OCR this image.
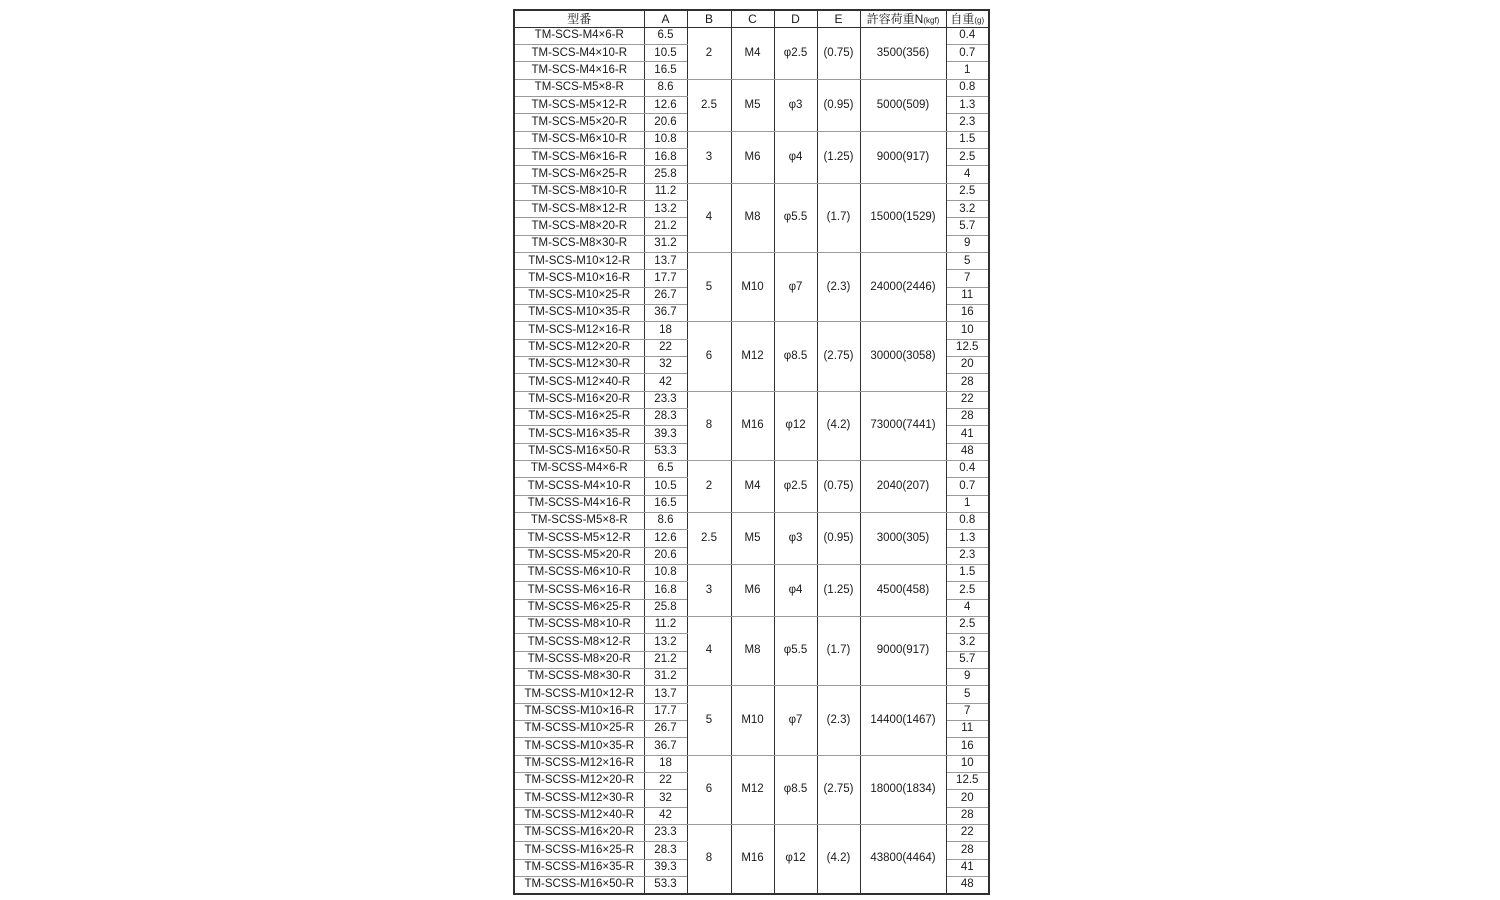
型番	A	B	C	D	E	許容荷重N(kgf)	自重(g)
TM-SCS-M4×6-R	6.5	2	M4	φ2.5	(0.75)	3500(356)	0.4
TM-SCS-M4×10-R	10.5						0.7
TM-SCS-M4×16-R	16.5						1
TM-SCS-M5×8-R	8.6	2.5	M5	φ3	(0.95)	5000(509)	0.8
TM-SCS-M5×12-R	12.6						1.3
TM-SCS-M5×20-R	20.6						2.3
TM-SCS-M6×10-R	10.8	3	M6	φ4	(1.25)	9000(917)	1.5
TM-SCS-M6×16-R	16.8						2.5
TM-SCS-M6×25-R	25.8						4
TM-SCS-M8×10-R	11.2	4	M8	φ5.5	(1.7)	15000(1529)	2.5
TM-SCS-M8×12-R	13.2						3.2
TM-SCS-M8×20-R	21.2						5.7
TM-SCS-M8×30-R	31.2						9
TM-SCS-M10×12-R	13.7	5	M10	φ7	(2.3)	24000(2446)	5
TM-SCS-M10×16-R	17.7						7
TM-SCS-M10×25-R	26.7						11
TM-SCS-M10×35-R	36.7						16
TM-SCS-M12×16-R	18	6	M12	φ8.5	(2.75)	30000(3058)	10
TM-SCS-M12×20-R	22						12.5
TM-SCS-M12×30-R	32						20
TM-SCS-M12×40-R	42						28
TM-SCS-M16×20-R	23.3	8	M16	φ12	(4.2)	73000(7441)	22
TM-SCS-M16×25-R	28.3						28
TM-SCS-M16×35-R	39.3						41
TM-SCS-M16×50-R	53.3						48
TM-SCSS-M4×6-R	6.5	2	M4	φ2.5	(0.75)	2040(207)	0.4
TM-SCSS-M4×10-R	10.5						0.7
TM-SCSS-M4×16-R	16.5						1
TM-SCSS-M5×8-R	8.6	2.5	M5	φ3	(0.95)	3000(305)	0.8
TM-SCSS-M5×12-R	12.6						1.3
TM-SCSS-M5×20-R	20.6						2.3
TM-SCSS-M6×10-R	10.8	3	M6	φ4	(1.25)	4500(458)	1.5
TM-SCSS-M6×16-R	16.8						2.5
TM-SCSS-M6×25-R	25.8						4
TM-SCSS-M8×10-R	11.2	4	M8	φ5.5	(1.7)	9000(917)	2.5
TM-SCSS-M8×12-R	13.2						3.2
TM-SCSS-M8×20-R	21.2						5.7
TM-SCSS-M8×30-R	31.2						9
TM-SCSS-M10×12-R	13.7	5	M10	φ7	(2.3)	14400(1467)	5
TM-SCSS-M10×16-R	17.7						7
TM-SCSS-M10×25-R	26.7						11
TM-SCSS-M10×35-R	36.7						16
TM-SCSS-M12×16-R	18	6	M12	φ8.5	(2.75)	18000(1834)	10
TM-SCSS-M12×20-R	22						12.5
TM-SCSS-M12×30-R	32						20
TM-SCSS-M12×40-R	42						28
TM-SCSS-M16×20-R	23.3	8	M16	φ12	(4.2)	43800(4464)	22
TM-SCSS-M16×25-R	28.3						28
TM-SCSS-M16×35-R	39.3						41
TM-SCSS-M16×50-R	53.3						48
